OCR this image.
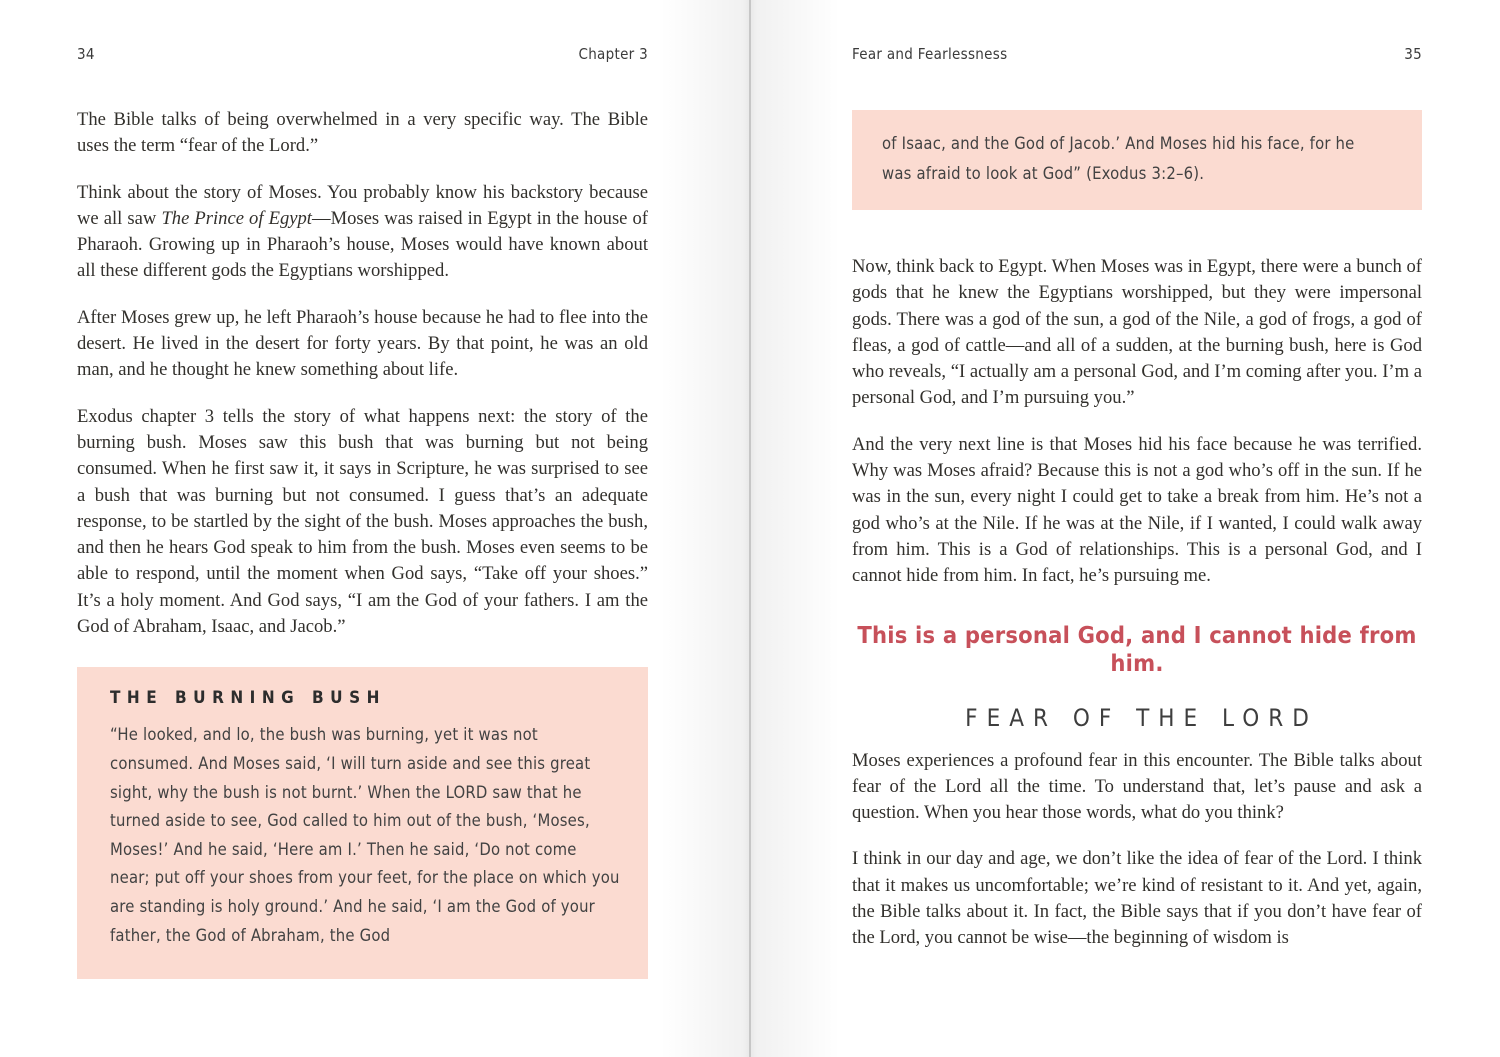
34	Chapter 3

The Bible talks of being overwhelmed in a very specific way. The Bible uses the term “fear of the Lord.”

Think about the story of Moses. You probably know his backstory because we all saw The Prince of Egypt—Moses was raised in Egypt in the house of Pharaoh. Growing up in Pharaoh’s house, Moses would have known about all these different gods the Egyptians worshipped.

After Moses grew up, he left Pharaoh’s house because he had to flee into the desert. He lived in the desert for forty years. By that point, he was an old man, and he thought he knew something about life.

Exodus chapter 3 tells the story of what happens next: the story of the burning bush. Moses saw this bush that was burning but not being consumed. When he first saw it, it says in Scripture, he was surprised to see a bush that was burning but not consumed. I guess that’s an adequate response, to be startled by the sight of the bush. Moses approaches the bush, and then he hears God speak to him from the bush. Moses even seems to be able to respond, until the moment when God says, “Take off your shoes.” It’s a holy moment. And God says, “I am the God of your fathers. I am the God of Abraham, Isaac, and Jacob.”

THE BURNING BUSH

“He looked, and lo, the bush was burning, yet it was not consumed. And Moses said, ‘I will turn aside and see this great sight, why the bush is not burnt.’ When the LORD saw that he turned aside to see, God called to him out of the bush, ‘Moses, Moses!’ And he said, ‘Here am I.’ Then he said, ‘Do not come near; put off your shoes from your feet, for the place on which you are standing is holy ground.’ And he said, ‘I am the God of your father, the God of Abraham, the God

Fear and Fearlessness	35

of Isaac, and the God of Jacob.’ And Moses hid his face, for he was afraid to look at God” (Exodus 3:2–6).

Now, think back to Egypt. When Moses was in Egypt, there were a bunch of gods that he knew the Egyptians worshipped, but they were impersonal gods. There was a god of the sun, a god of the Nile, a god of frogs, a god of fleas, a god of cattle—and all of a sudden, at the burning bush, here is God who reveals, “I actually am a personal God, and I’m coming after you. I’m a personal God, and I’m pursuing you.”

And the very next line is that Moses hid his face because he was terrified. Why was Moses afraid? Because this is not a god who’s off in the sun. If he was in the sun, every night I could get to take a break from him. He’s not a god who’s at the Nile. If he was at the Nile, if I wanted, I could walk away from him. This is a God of relationships. This is a personal God, and I cannot hide from him. In fact, he’s pursuing me.

This is a personal God, and I cannot hide from him.

FEAR OF THE LORD

Moses experiences a profound fear in this encounter. The Bible talks about fear of the Lord all the time. To understand that, let’s pause and ask a question. When you hear those words, what do you think?

I think in our day and age, we don’t like the idea of fear of the Lord. I think that it makes us uncomfortable; we’re kind of resistant to it. And yet, again, the Bible talks about it. In fact, the Bible says that if you don’t have fear of the Lord, you cannot be wise—the beginning of wisdom is
